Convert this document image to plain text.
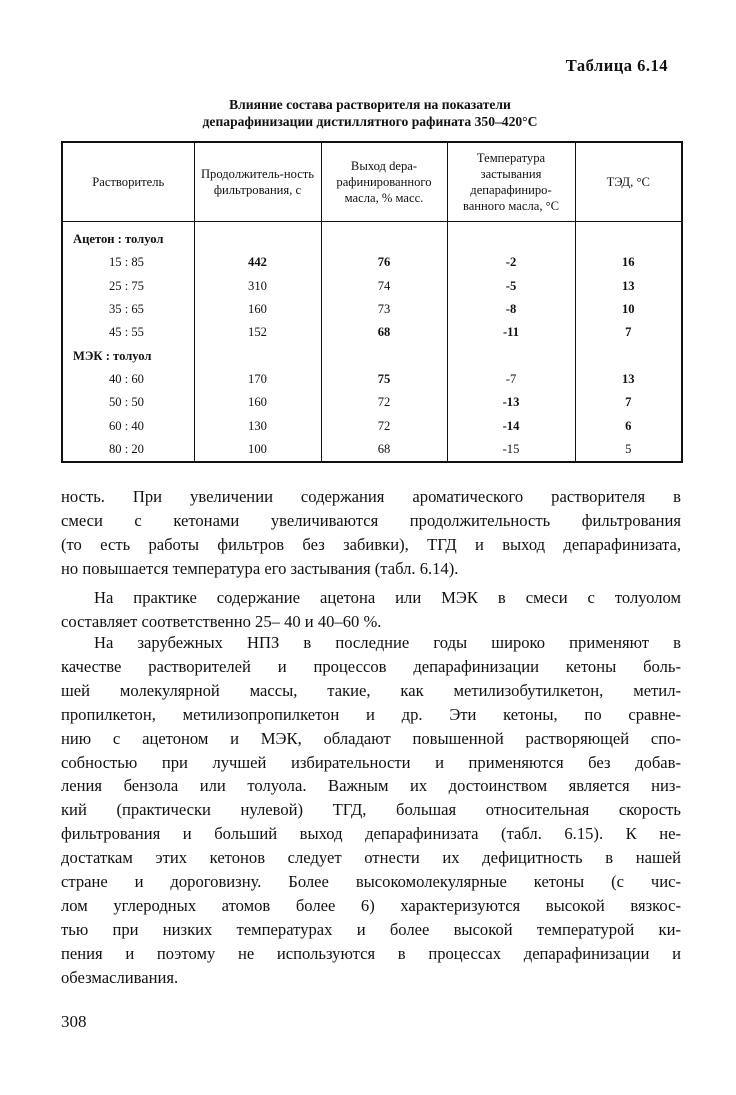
Таблица 6.14
Влияние состава растворителя на показатели
депарафинизации дистиллятного рафината 350–420°C
Растворитель	Продолжитель-ность фильтрования, с	Выход depa-рафинированного масла, % масс.	Температура застывания депарафиниро-ванного масла, °C	ТЭД, °C
Ацетон : толуол				
15 : 85	442	76	-2	16
25 : 75	310	74	-5	13
35 : 65	160	73	-8	10
45 : 55	152	68	-11	7
МЭК : толуол				
40 : 60	170	75	-7	13
50 : 50	160	72	-13	7
60 : 40	130	72	-14	6
80 : 20	100	68	-15	5
ность. При увеличении содержания ароматического растворителя в
смеси с кетонами увеличиваются продолжительность фильтрования
(то есть работы фильтров без забивки), ТГД и выход депарафинизата,
но повышается температура его застывания (табл. 6.14).
На практике содержание ацетона или МЭК в смеси с толуолом
составляет соответственно 25– 40 и 40–60 %.
На зарубежных НПЗ в последние годы широко применяют в
качестве растворителей и процессов депарафинизации кетоны боль-
шей молекулярной массы, такие, как метилизобутилкетон, метил-
пропилкетон, метилизопропилкетон и др. Эти кетоны, по сравне-
нию с ацетоном и МЭК, обладают повышенной растворяющей спо-
собностью при лучшей избирательности и применяются без добав-
ления бензола или толуола. Важным их достоинством является низ-
кий (практически нулевой) ТГД, большая относительная скорость
фильтрования и больший выход депарафинизата (табл. 6.15). К не-
достаткам этих кетонов следует отнести их дефицитность в нашей
стране и дороговизну. Более высокомолекулярные кетоны (с чис-
лом углеродных атомов более 6) характеризуются высокой вязкос-
тью при низких температурах и более высокой температурой ки-
пения и поэтому не используются в процессах депарафинизации и
обезмасливания.
308
